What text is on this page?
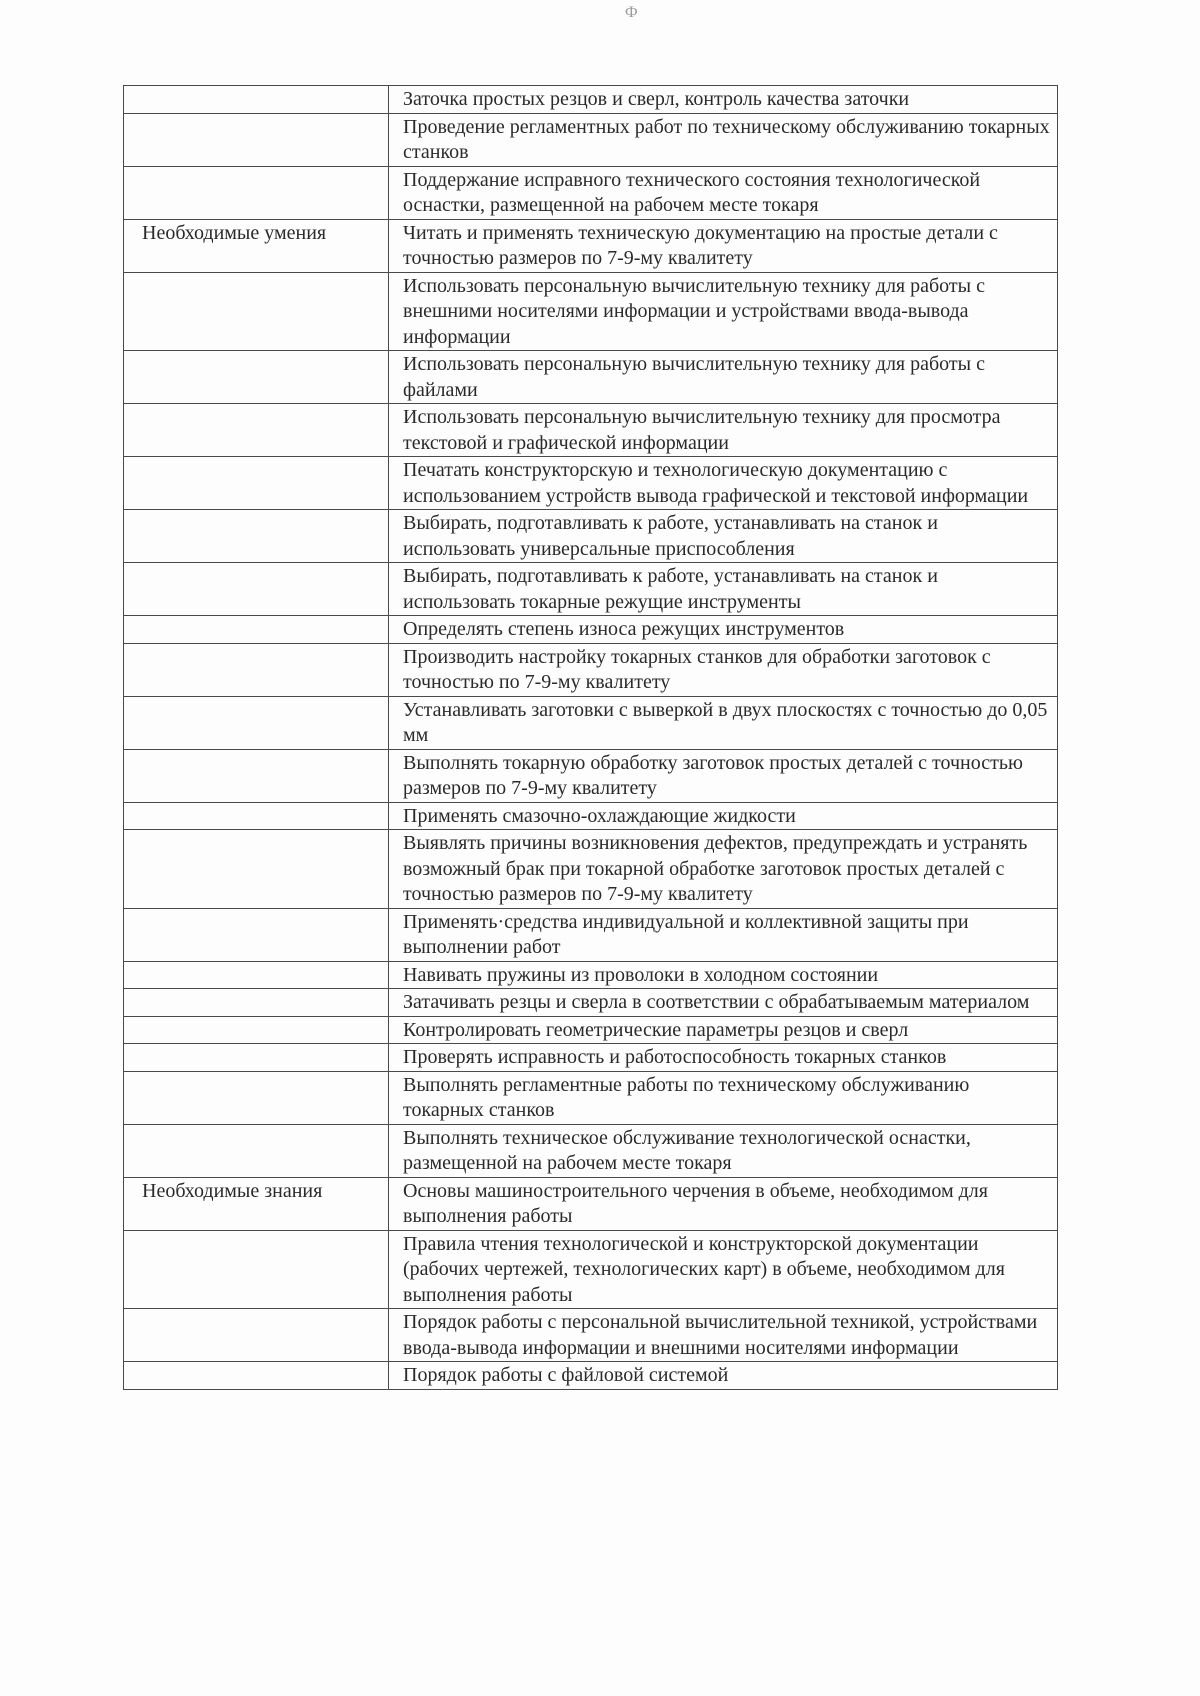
Ф
	Заточка простых резцов и сверл, контроль качества заточки
	Проведение регламентных работ по техническому обслуживанию токарных станков
	Поддержание исправного технического состояния технологической оснастки, размещенной на рабочем месте токаря
Необходимые умения	Читать и применять техническую документацию на простые детали с точностью размеров по 7-9-му квалитету
	Использовать персональную вычислительную технику для работы с внешними носителями информации и устройствами ввода-вывода информации
	Использовать персональную вычислительную технику для работы с файлами
	Использовать персональную вычислительную технику для просмотра текстовой и графической информации
	Печатать конструкторскую и технологическую документацию с использованием устройств вывода графической и текстовой информации
	Выбирать, подготавливать к работе, устанавливать на станок и использовать универсальные приспособления
	Выбирать, подготавливать к работе, устанавливать на станок и использовать токарные режущие инструменты
	Определять степень износа режущих инструментов
	Производить настройку токарных станков для обработки заготовок с точностью по 7-9-му квалитету
	Устанавливать заготовки с выверкой в двух плоскостях с точностью до 0,05 мм
	Выполнять токарную обработку заготовок простых деталей с точностью размеров по 7-9-му квалитету
	Применять смазочно-охлаждающие жидкости
	Выявлять причины возникновения дефектов, предупреждать и устранять возможный брак при токарной обработке заготовок простых деталей с точностью размеров по 7-9-му квалитету
	Применять·средства индивидуальной и коллективной защиты при выполнении работ
	Навивать пружины из проволоки в холодном состоянии
	Затачивать резцы и сверла в соответствии с обрабатываемым материалом
	Контролировать геометрические параметры резцов и сверл
	Проверять исправность и работоспособность токарных станков
	Выполнять регламентные работы по техническому обслуживанию токарных станков
	Выполнять техническое обслуживание технологической оснастки, размещенной на рабочем месте токаря
Необходимые знания	Основы машиностроительного черчения в объеме, необходимом для выполнения работы
	Правила чтения технологической и конструкторской документации (рабочих чертежей, технологических карт) в объеме, необходимом для выполнения работы
	Порядок работы с персональной вычислительной техникой, устройствами ввода-вывода информации и внешними носителями информации
	Порядок работы с файловой системой
